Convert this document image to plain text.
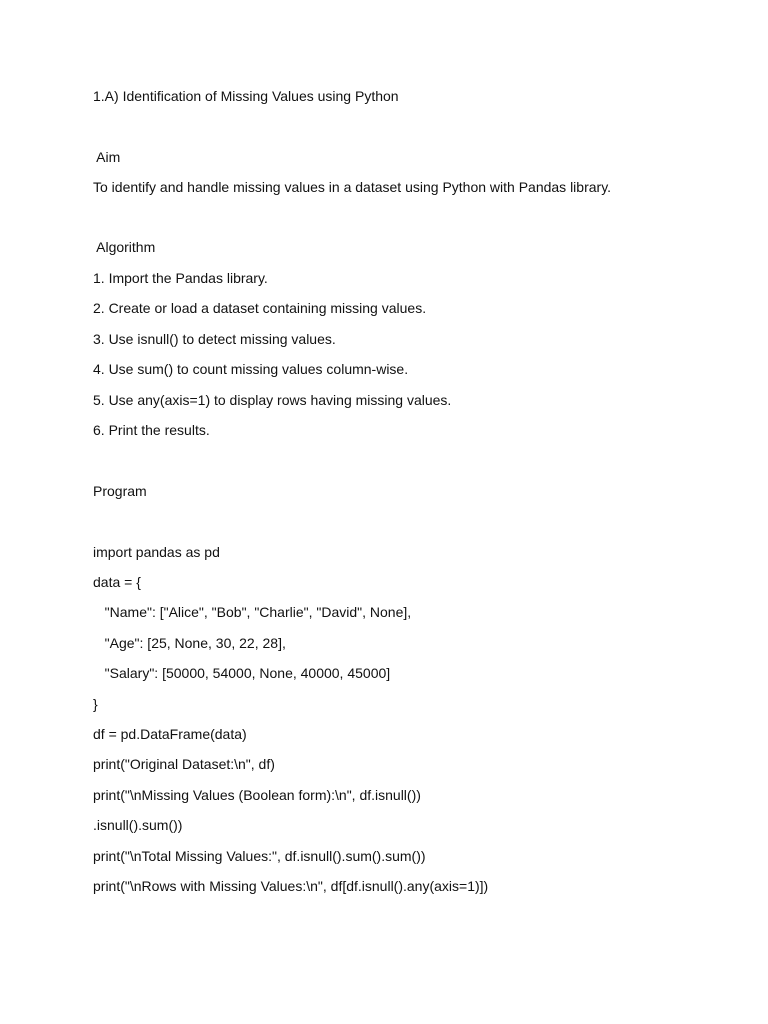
1.A) Identification of Missing Values using Python

Aim

To identify and handle missing values in a dataset using Python with Pandas library.

Algorithm

1. Import the Pandas library.

2. Create or load a dataset containing missing values.

3. Use isnull() to detect missing values.

4. Use sum() to count missing values column-wise.

5. Use any(axis=1) to display rows having missing values.

6. Print the results.

Program

import pandas as pd

data = {

"Name": ["Alice", "Bob", "Charlie", "David", None],

"Age": [25, None, 30, 22, 28],

"Salary": [50000, 54000, None, 40000, 45000]

}

df = pd.DataFrame(data)

print("Original Dataset:\n", df)

print("\nMissing Values (Boolean form):\n", df.isnull())

.isnull().sum())

print("\nTotal Missing Values:", df.isnull().sum().sum())

print("\nRows with Missing Values:\n", df[df.isnull().any(axis=1)])
